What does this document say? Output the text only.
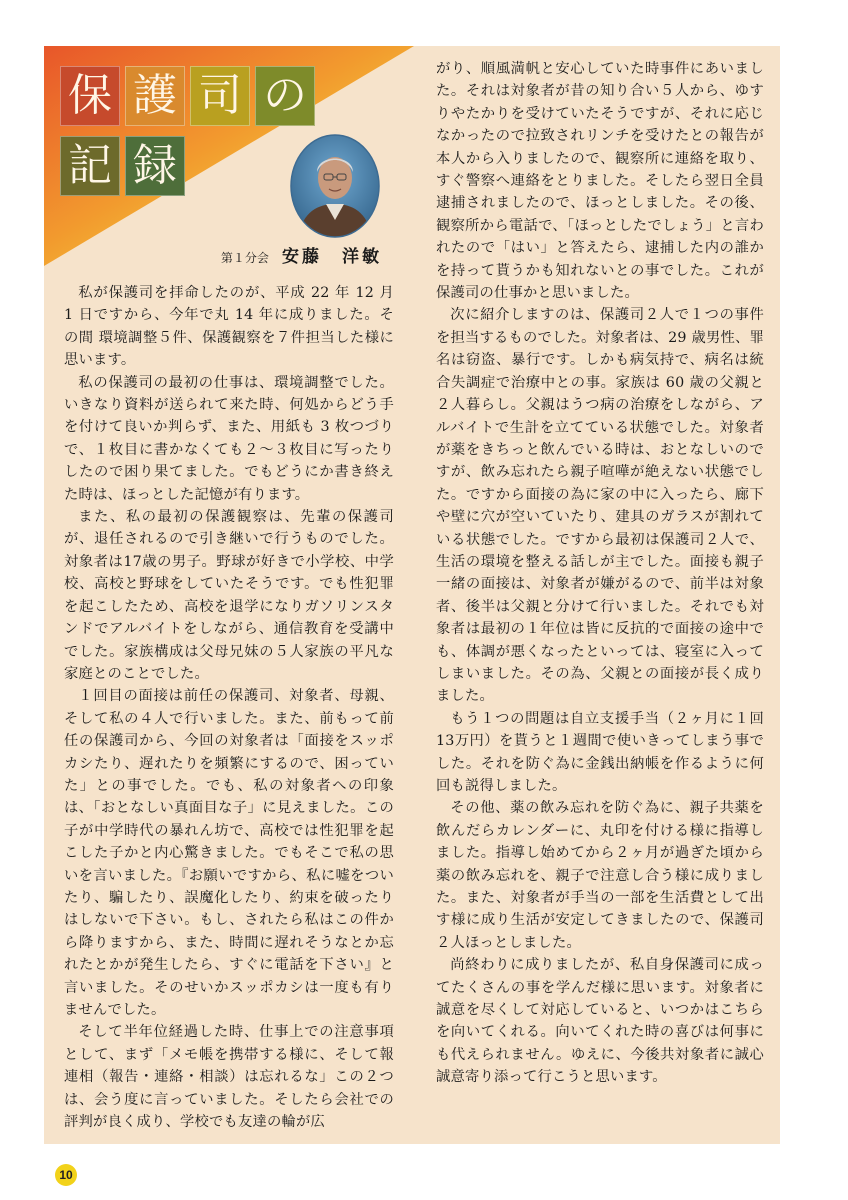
保 護 司 の
記 録
第１分会 安藤　洋敏

私が保護司を拝命したのが、平成 22 年 12 月 1 日ですから、今年で丸 14 年に成りました。その間 環境調整５件、保護観察を７件担当した様に思います。

私の保護司の最初の仕事は、環境調整でした。いきなり資料が送られて来た時、何処からどう手を付けて良いか判らず、また、用紙も 3 枚つづりで、１枚目に書かなくても２～３枚目に写ったりしたので困り果てました。でもどうにか書き終えた時は、ほっとした記憶が有ります。

また、私の最初の保護観察は、先輩の保護司が、退任されるので引き継いで行うものでした。対象者は17歳の男子。野球が好きで小学校、中学校、高校と野球をしていたそうです。でも性犯罪を起こしたため、高校を退学になりガソリンスタンドでアルバイトをしながら、通信教育を受講中でした。家族構成は父母兄妹の５人家族の平凡な家庭とのことでした。

１回目の面接は前任の保護司、対象者、母親、そして私の４人で行いました。また、前もって前任の保護司から、今回の対象者は「面接をスッポカシたり、遅れたりを頻繁にするので、困っていた」との事でした。でも、私の対象者への印象は、「おとなしい真面目な子」に見えました。この子が中学時代の暴れん坊で、高校では性犯罪を起こした子かと内心驚きました。でもそこで私の思いを言いました。『お願いですから、私に嘘をついたり、騙したり、誤魔化したり、約束を破ったりはしないで下さい。もし、されたら私はこの件から降りますから、また、時間に遅れそうなとか忘れたとかが発生したら、すぐに電話を下さい』と言いました。そのせいかスッポカシは一度も有りませんでした。

そして半年位経過した時、仕事上での注意事項として、まず「メモ帳を携帯する様に、そして報連相（報告・連絡・相談）は忘れるな」この２つは、会う度に言っていました。そしたら会社での評判が良く成り、学校でも友達の輪が広

がり、順風満帆と安心していた時事件にあいました。それは対象者が昔の知り合い５人から、ゆすりやたかりを受けていたそうですが、それに応じなかったので拉致されリンチを受けたとの報告が本人から入りましたので、観察所に連絡を取り、すぐ警察へ連絡をとりました。そしたら翌日全員逮捕されましたので、ほっとしました。その後、観察所から電話で、「ほっとしたでしょう」と言われたので「はい」と答えたら、逮捕した内の誰かを持って貰うかも知れないとの事でした。これが保護司の仕事かと思いました。

次に紹介しますのは、保護司２人で１つの事件を担当するものでした。対象者は、29 歳男性、罪名は窃盗、暴行です。しかも病気持で、病名は統合失調症で治療中との事。家族は 60 歳の父親と２人暮らし。父親はうつ病の治療をしながら、アルバイトで生計を立てている状態でした。対象者が薬をきちっと飲んでいる時は、おとなしいのですが、飲み忘れたら親子喧嘩が絶えない状態でした。ですから面接の為に家の中に入ったら、廊下や壁に穴が空いていたり、建具のガラスが割れている状態でした。ですから最初は保護司２人で、生活の環境を整える話しが主でした。面接も親子一緒の面接は、対象者が嫌がるので、前半は対象者、後半は父親と分けて行いました。それでも対象者は最初の１年位は皆に反抗的で面接の途中でも、体調が悪くなったといっては、寝室に入ってしまいました。その為、父親との面接が長く成りました。

もう１つの問題は自立支援手当（２ヶ月に１回13万円）を貰うと１週間で使いきってしまう事でした。それを防ぐ為に金銭出納帳を作るように何回も説得しました。

その他、薬の飲み忘れを防ぐ為に、親子共薬を飲んだらカレンダーに、丸印を付ける様に指導しました。指導し始めてから２ヶ月が過ぎた頃から薬の飲み忘れを、親子で注意し合う様に成りました。また、対象者が手当の一部を生活費として出す様に成り生活が安定してきましたので、保護司２人ほっとしました。

尚終わりに成りましたが、私自身保護司に成ってたくさんの事を学んだ様に思います。対象者に誠意を尽くして対応していると、いつかはこちらを向いてくれる。向いてくれた時の喜びは何事にも代えられません。ゆえに、今後共対象者に誠心誠意寄り添って行こうと思います。

10
